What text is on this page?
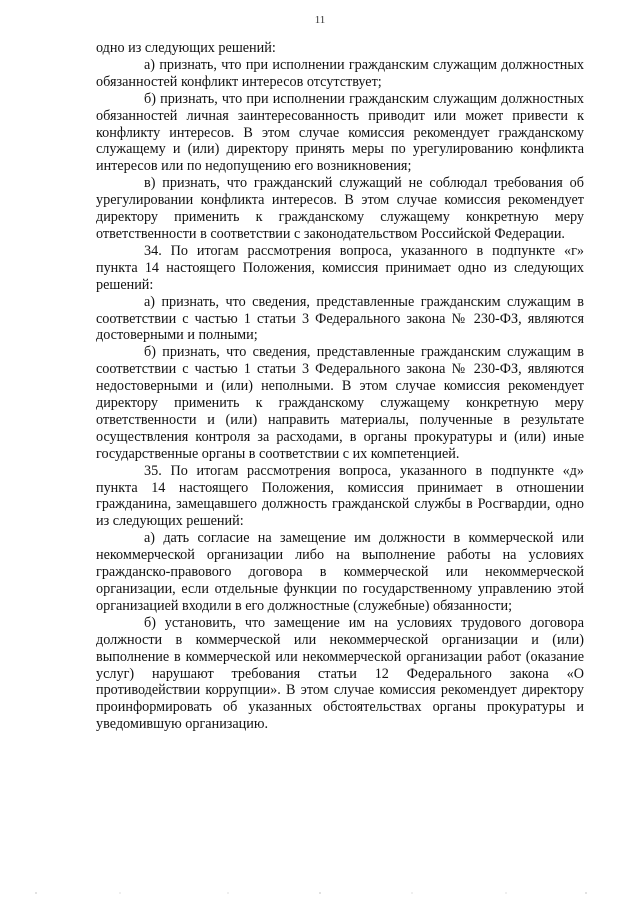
11

одно из следующих решений:

а) признать, что при исполнении гражданским служащим должностных обязанностей конфликт интересов отсутствует;

б) признать, что при исполнении гражданским служащим должностных обязанностей личная заинтересованность приводит или может привести к конфликту интересов. В этом случае комиссия рекомендует гражданскому служащему и (или) директору принять меры по урегулированию конфликта интересов или по недопущению его возникновения;

в) признать, что гражданский служащий не соблюдал требования об урегулировании конфликта интересов. В этом случае комиссия рекомендует директору применить к гражданскому служащему конкретную меру ответственности в соответствии с законодательством Российской Федерации.

34. По итогам рассмотрения вопроса, указанного в подпункте «г» пункта 14 настоящего Положения, комиссия принимает одно из следующих решений:

а) признать, что сведения, представленные гражданским служащим в соответствии с частью 1 статьи 3 Федерального закона № 230-ФЗ, являются достоверными и полными;

б) признать, что сведения, представленные гражданским служащим в соответствии с частью 1 статьи 3 Федерального закона № 230-ФЗ, являются недостоверными и (или) неполными. В этом случае комиссия рекомендует директору применить к гражданскому служащему конкретную меру ответственности и (или) направить материалы, полученные в результате осуществления контроля за расходами, в органы прокуратуры и (или) иные государственные органы в соответствии с их компетенцией.

35. По итогам рассмотрения вопроса, указанного в подпункте «д» пункта 14 настоящего Положения, комиссия принимает в отношении гражданина, замещавшего должность гражданской службы в Росгвардии, одно из следующих решений:

а) дать согласие на замещение им должности в коммерческой или некоммерческой организации либо на выполнение работы на условиях гражданско-правового договора в коммерческой или некоммерческой организации, если отдельные функции по государственному управлению этой организацией входили в его должностные (служебные) обязанности;

б) установить, что замещение им на условиях трудового договора должности в коммерческой или некоммерческой организации и (или) выполнение в коммерческой или некоммерческой организации работ (оказание услуг) нарушают требования статьи 12 Федерального закона «О противодействии коррупции». В этом случае комиссия рекомендует директору проинформировать об указанных обстоятельствах органы прокуратуры и уведомившую организацию.
